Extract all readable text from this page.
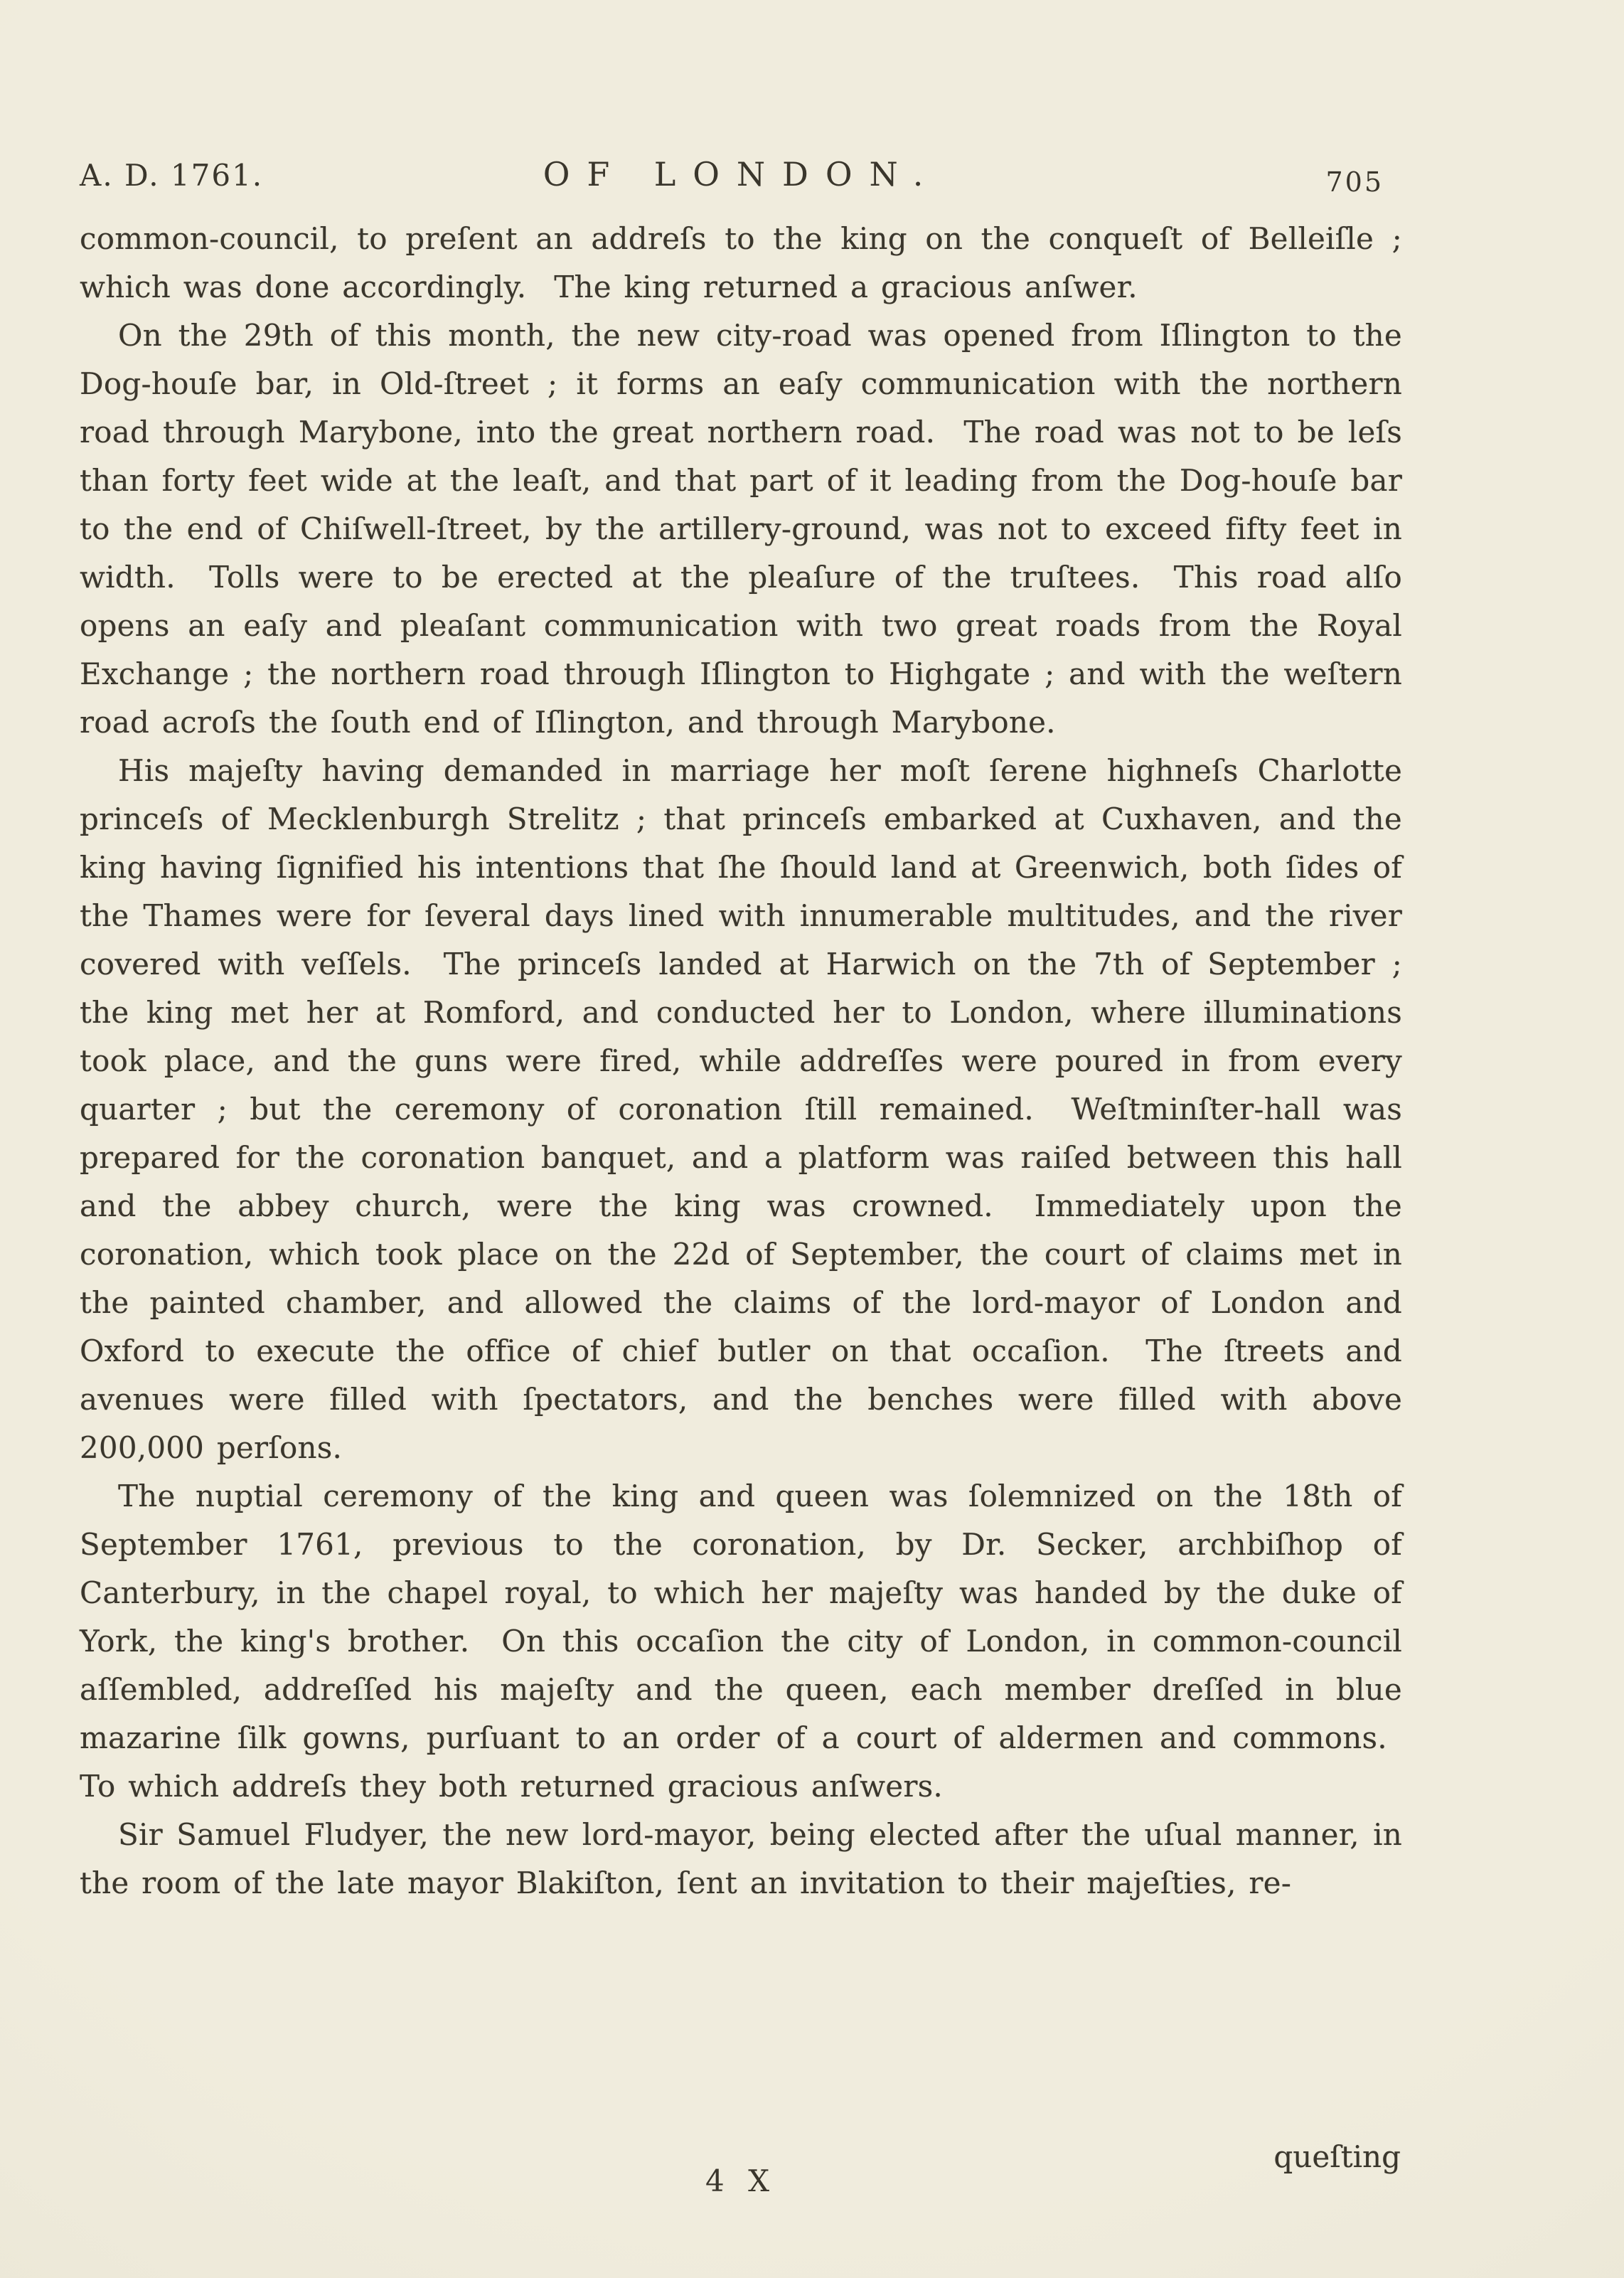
A. D. 1761.	OF LONDON.	705

common-council, to preſent an addreſs to the king on the conqueſt of Belleiſle ; which was done accordingly.  The king returned a gracious anſwer.

On the 29th of this month, the new city-road was opened from Iſlington to the Dog-houſe bar, in Old-ſtreet ; it forms an eaſy communication with the northern road through Marybone, into the great northern road.  The road was not to be leſs than forty feet wide at the leaſt, and that part of it leading from the Dog-houſe bar to the end of Chiſwell-ſtreet, by the artillery-ground, was not to exceed fifty feet in width.  Tolls were to be erected at the pleaſure of the truſtees.  This road alſo opens an eaſy and pleaſant communication with two great roads from the Royal Exchange ; the northern road through Iſlington to Highgate ; and with the weſtern road acroſs the ſouth end of Iſlington, and through Marybone.

His majeſty having demanded in marriage her moſt ſerene highneſs Charlotte princeſs of Mecklenburgh Strelitz ; that princeſs embarked at Cuxhaven, and the king having ſignified his intentions that ſhe ſhould land at Greenwich, both ſides of the Thames were for ſeveral days lined with innumerable multitudes, and the river covered with veſſels.  The princeſs landed at Harwich on the 7th of September ; the king met her at Romford, and conducted her to London, where illuminations took place, and the guns were fired, while addreſſes were poured in from every quarter ; but the ceremony of coronation ſtill remained.  Weſtminſter-hall was prepared for the coronation banquet, and a platform was raiſed between this hall and the abbey church, were the king was crowned.  Immediately upon the coronation, which took place on the 22d of September, the court of claims met in the painted chamber, and allowed the claims of the lord-mayor of London and Oxford to execute the office of chief butler on that occaſion.  The ſtreets and avenues were filled with ſpectators, and the benches were filled with above 200,000 perſons.

The nuptial ceremony of the king and queen was ſolemnized on the 18th of September 1761, previous to the coronation, by Dr. Secker, archbiſhop of Canterbury, in the chapel royal, to which her majeſty was handed by the duke of York, the king's brother.  On this occaſion the city of London, in common-council aſſembled, addreſſed his majeſty and the queen, each member dreſſed in blue mazarine ſilk gowns, purſuant to an order of a court of aldermen and commons.  To which addreſs they both returned gracious anſwers.

Sir Samuel Fludyer, the new lord-mayor, being elected after the uſual manner, in the room of the late mayor Blakiſton, ſent an invitation to their majeſties, re-

4 X
queſting
